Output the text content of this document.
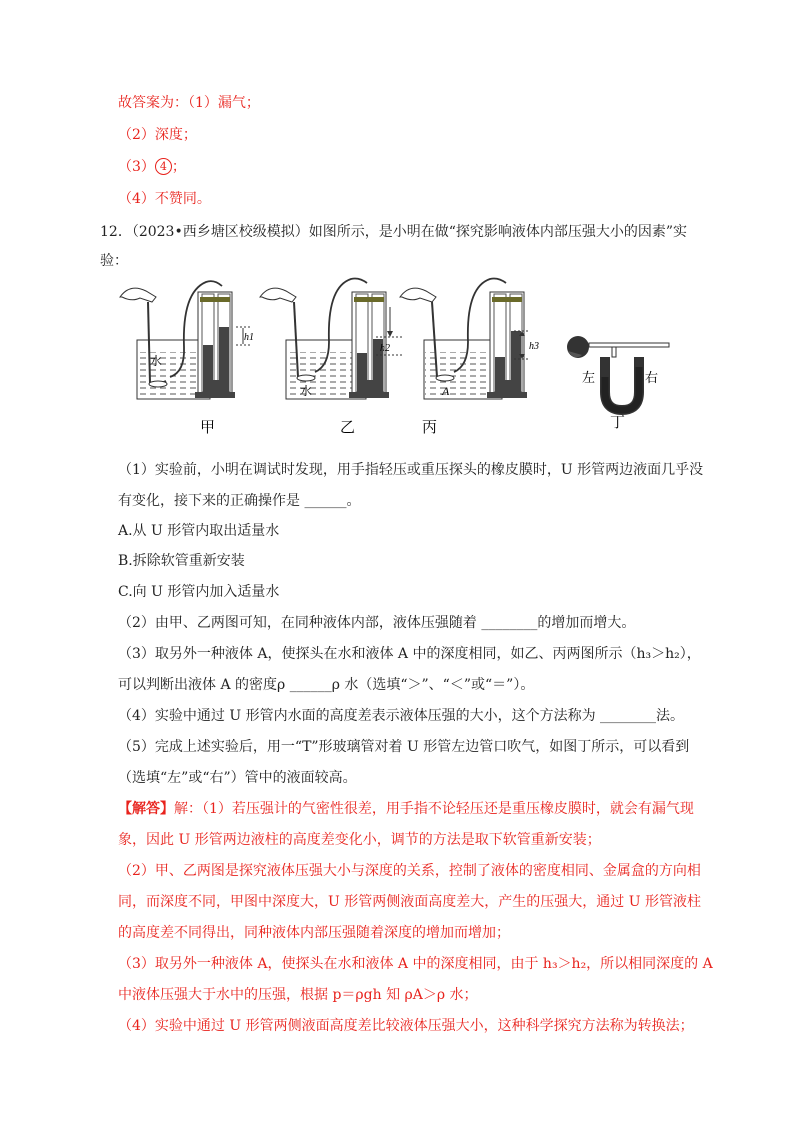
故答案为：（1）漏气；
（2）深度；
（3） 4 ；
（4）不赞同。
12．（2023•西乡塘区校级模拟）如图所示，是小明在做“探究影响液体内部压强大小的因素”实
验：
水
h1
甲
h2
水
乙
h3
A
丙
左	右
丁
（1）实验前，小明在调试时发现，用手指轻压或重压探头的橡皮膜时，U 形管两边液面几乎没
有变化，接下来的正确操作是 ______。
A.从 U 形管内取出适量水
B.拆除软管重新安装
C.向 U 形管内加入适量水
（2）由甲、乙两图可知，在同种液体内部，液体压强随着 ________的增加而增大。
（3）取另外一种液体 A，使探头在水和液体 A 中的深度相同，如乙、丙两图所示（h₃＞h₂），
可以判断出液体 A 的密度ρ ______ρ 水（选填“＞”、“＜”或“＝”）。
（4）实验中通过 U 形管内水面的高度差表示液体压强的大小，这个方法称为 ________法。
（5）完成上述实验后，用一“T”形玻璃管对着 U 形管左边管口吹气，如图丁所示，可以看到
（选填“左”或“右”）管中的液面较高。
【解答】解：（1）若压强计的气密性很差，用手指不论轻压还是重压橡皮膜时，就会有漏气现
象，因此 U 形管两边液柱的高度差变化小，调节的方法是取下软管重新安装；
（2）甲、乙两图是探究液体压强大小与深度的关系，控制了液体的密度相同、金属盒的方向相
同，而深度不同，甲图中深度大，U 形管两侧液面高度差大，产生的压强大，通过 U 形管液柱
的高度差不同得出，同种液体内部压强随着深度的增加而增加；
（3）取另外一种液体 A，使探头在水和液体 A 中的深度相同，由于 h₃＞h₂，所以相同深度的 A
中液体压强大于水中的压强，根据 p＝ρgh 知 ρA＞ρ 水；
（4）实验中通过 U 形管两侧液面高度差比较液体压强大小，这种科学探究方法称为转换法；
